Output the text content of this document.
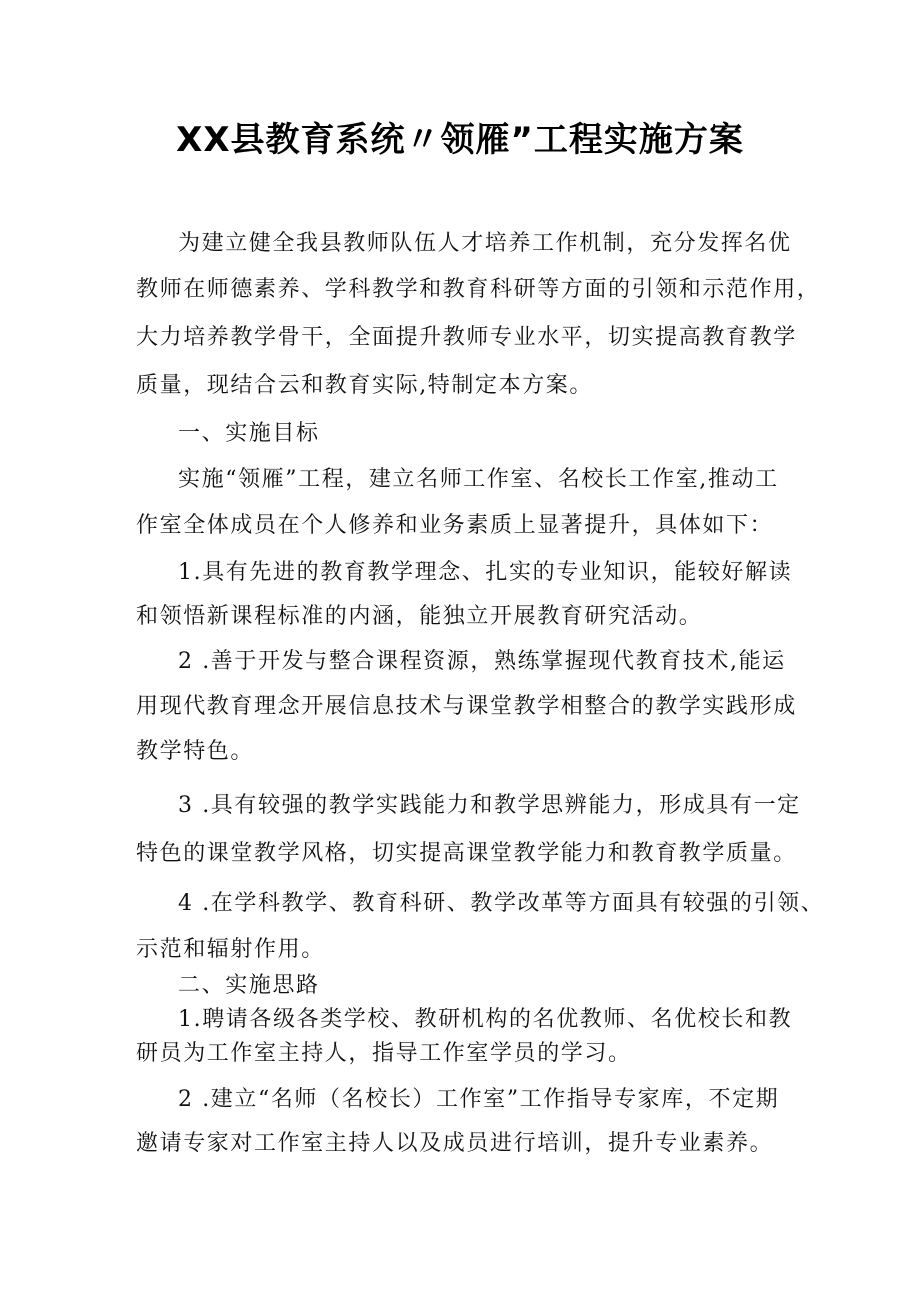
XX县教育系统〃领雁”工程实施方案
为建立健全我县教师队伍人才培养工作机制，充分发挥名优
教师在师德素养、学科教学和教育科研等方面的引领和示范作用，
大力培养教学骨干，全面提升教师专业水平，切实提高教育教学
质量，现结合云和教育实际,特制定本方案。
一、实施目标
实施“领雁”工程，建立名师工作室、名校长工作室,推动工
作室全体成员在个人修养和业务素质上显著提升，具体如下：
1.具有先进的教育教学理念、扎实的专业知识，能较好解读
和领悟新课程标准的内涵，能独立开展教育研究活动。
2 .善于开发与整合课程资源，熟练掌握现代教育技术,能运
用现代教育理念开展信息技术与课堂教学相整合的教学实践形成
教学特色。
3 .具有较强的教学实践能力和教学思辨能力，形成具有一定
特色的课堂教学风格，切实提高课堂教学能力和教育教学质量。
4 .在学科教学、教育科研、教学改革等方面具有较强的引领、
示范和辐射作用。
二、实施思路
1.聘请各级各类学校、教研机构的名优教师、名优校长和教
研员为工作室主持人，指导工作室学员的学习。
2 .建立“名师（名校长）工作室”工作指导专家库，不定期
邀请专家对工作室主持人以及成员进行培训，提升专业素养。
